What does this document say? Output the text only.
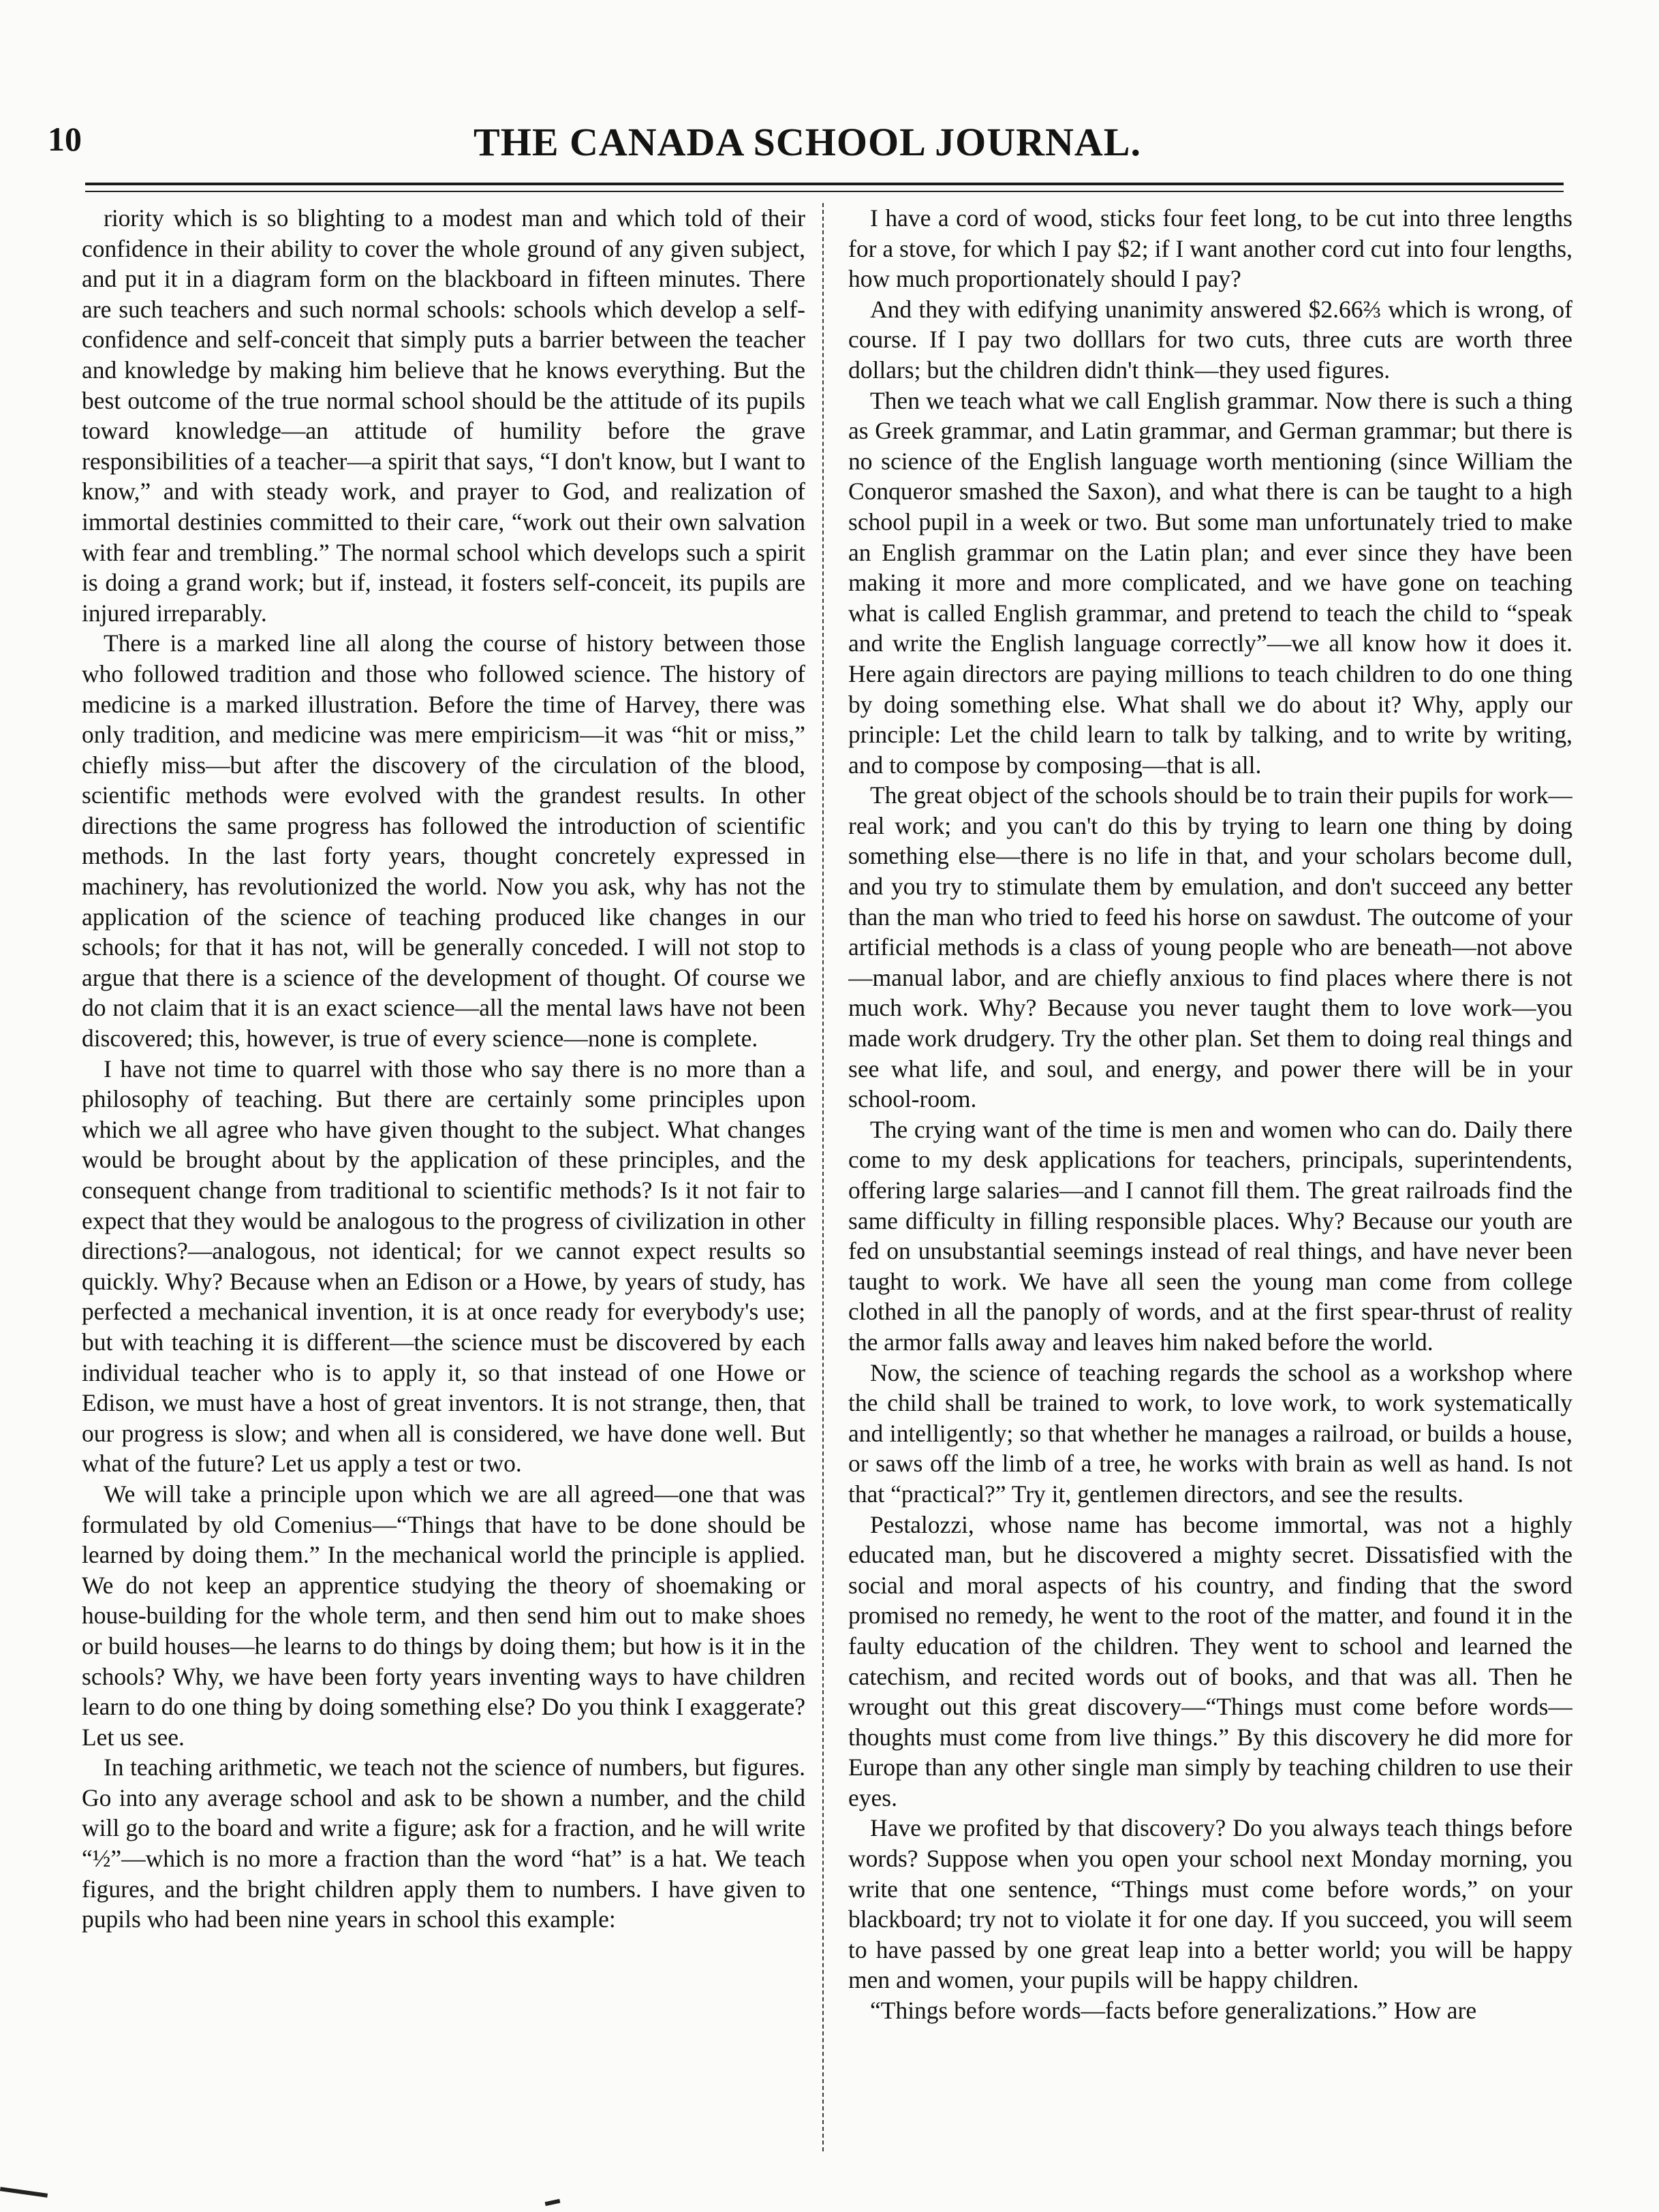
10	THE CANADA SCHOOL JOURNAL.

riority which is so blighting to a modest man and which told of their confidence in their ability to cover the whole ground of any given subject, and put it in a diagram form on the blackboard in fifteen minutes. There are such teachers and such normal schools: schools which develop a self-confidence and self-conceit that simply puts a barrier between the teacher and knowledge by making him believe that he knows everything. But the best outcome of the true normal school should be the attitude of its pupils toward knowledge—an attitude of humility before the grave responsibilities of a teacher—a spirit that says, “I don't know, but I want to know,” and with steady work, and prayer to God, and realization of immortal destinies committed to their care, “work out their own salvation with fear and trembling.” The normal school which develops such a spirit is doing a grand work; but if, instead, it fosters self-conceit, its pupils are injured irreparably.

There is a marked line all along the course of history between those who followed tradition and those who followed science. The history of medicine is a marked illustration. Before the time of Harvey, there was only tradition, and medicine was mere empiricism—it was “hit or miss,” chiefly miss—but after the discovery of the circulation of the blood, scientific methods were evolved with the grandest results. In other directions the same progress has followed the introduction of scientific methods. In the last forty years, thought concretely expressed in machinery, has revolutionized the world. Now you ask, why has not the application of the science of teaching produced like changes in our schools; for that it has not, will be generally conceded. I will not stop to argue that there is a science of the development of thought. Of course we do not claim that it is an exact science—all the mental laws have not been discovered; this, however, is true of every science—none is complete.

I have not time to quarrel with those who say there is no more than a philosophy of teaching. But there are certainly some principles upon which we all agree who have given thought to the subject. What changes would be brought about by the application of these principles, and the consequent change from traditional to scientific methods? Is it not fair to expect that they would be analogous to the progress of civilization in other directions?—analogous, not identical; for we cannot expect results so quickly. Why? Because when an Edison or a Howe, by years of study, has perfected a mechanical invention, it is at once ready for everybody's use; but with teaching it is different—the science must be discovered by each individual teacher who is to apply it, so that instead of one Howe or Edison, we must have a host of great inventors. It is not strange, then, that our progress is slow; and when all is considered, we have done well. But what of the future? Let us apply a test or two.

We will take a principle upon which we are all agreed—one that was formulated by old Comenius—“Things that have to be done should be learned by doing them.” In the mechanical world the principle is applied. We do not keep an apprentice studying the theory of shoemaking or house-building for the whole term, and then send him out to make shoes or build houses—he learns to do things by doing them; but how is it in the schools? Why, we have been forty years inventing ways to have children learn to do one thing by doing something else? Do you think I exaggerate? Let us see.

In teaching arithmetic, we teach not the science of numbers, but figures. Go into any average school and ask to be shown a number, and the child will go to the board and write a figure; ask for a fraction, and he will write “½”—which is no more a fraction than the word “hat” is a hat. We teach figures, and the bright children apply them to numbers. I have given to pupils who had been nine years in school this example:

I have a cord of wood, sticks four feet long, to be cut into three lengths for a stove, for which I pay $2; if I want another cord cut into four lengths, how much proportionately should I pay?

And they with edifying unanimity answered $2.66⅔ which is wrong, of course. If I pay two dolllars for two cuts, three cuts are worth three dollars; but the children didn't think—they used figures.

Then we teach what we call English grammar. Now there is such a thing as Greek grammar, and Latin grammar, and German grammar; but there is no science of the English language worth mentioning (since William the Conqueror smashed the Saxon), and what there is can be taught to a high school pupil in a week or two. But some man unfortunately tried to make an English grammar on the Latin plan; and ever since they have been making it more and more complicated, and we have gone on teaching what is called English grammar, and pretend to teach the child to “speak and write the English language correctly”—we all know how it does it. Here again directors are paying millions to teach children to do one thing by doing something else. What shall we do about it? Why, apply our principle: Let the child learn to talk by talking, and to write by writing, and to compose by composing—that is all.

The great object of the schools should be to train their pupils for work—real work; and you can't do this by trying to learn one thing by doing something else—there is no life in that, and your scholars become dull, and you try to stimulate them by emulation, and don't succeed any better than the man who tried to feed his horse on sawdust. The outcome of your artificial methods is a class of young people who are beneath—not above—manual labor, and are chiefly anxious to find places where there is not much work. Why? Because you never taught them to love work—you made work drudgery. Try the other plan. Set them to doing real things and see what life, and soul, and energy, and power there will be in your school-room.

The crying want of the time is men and women who can do. Daily there come to my desk applications for teachers, principals, superintendents, offering large salaries—and I cannot fill them. The great railroads find the same difficulty in filling responsible places. Why? Because our youth are fed on unsubstantial seemings instead of real things, and have never been taught to work. We have all seen the young man come from college clothed in all the panoply of words, and at the first spear-thrust of reality the armor falls away and leaves him naked before the world.

Now, the science of teaching regards the school as a workshop where the child shall be trained to work, to love work, to work systematically and intelligently; so that whether he manages a railroad, or builds a house, or saws off the limb of a tree, he works with brain as well as hand. Is not that “practical?” Try it, gentlemen directors, and see the results.

Pestalozzi, whose name has become immortal, was not a highly educated man, but he discovered a mighty secret. Dissatisfied with the social and moral aspects of his country, and finding that the sword promised no remedy, he went to the root of the matter, and found it in the faulty education of the children. They went to school and learned the catechism, and recited words out of books, and that was all. Then he wrought out this great discovery—“Things must come before words—thoughts must come from live things.” By this discovery he did more for Europe than any other single man simply by teaching children to use their eyes.

Have we profited by that discovery? Do you always teach things before words? Suppose when you open your school next Monday morning, you write that one sentence, “Things must come before words,” on your blackboard; try not to violate it for one day. If you succeed, you will seem to have passed by one great leap into a better world; you will be happy men and women, your pupils will be happy children.

“Things before words—facts before generalizations.” How are
